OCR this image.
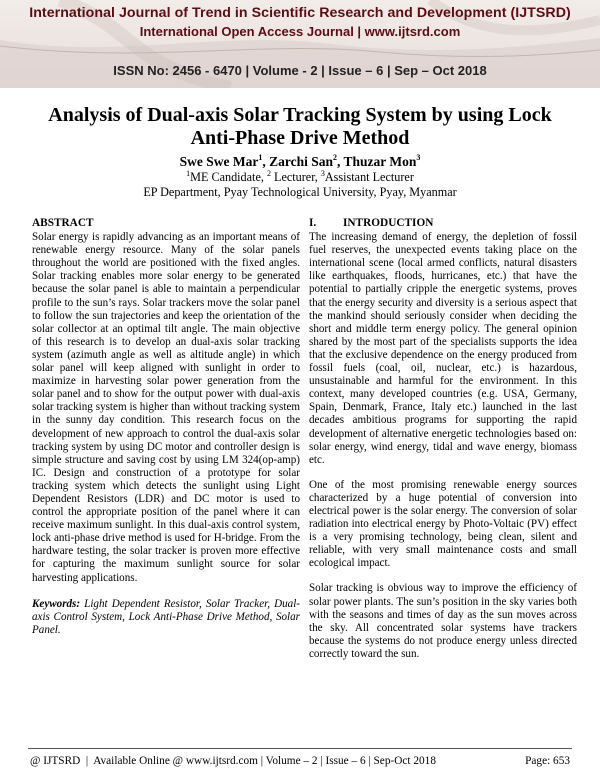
International Journal of Trend in Scientific Research and Development (IJTSRD)
International Open Access Journal | www.ijtsrd.com
ISSN No: 2456 - 6470 | Volume - 2 | Issue – 6 | Sep – Oct 2018
Analysis of Dual-axis Solar Tracking System by using Lock
Anti-Phase Drive Method
Swe Swe Mar$^1$, Zarchi San$^2$, Thuzar Mon$^3$
$^1$ME Candidate, $^2$ Lecturer, $^3$Assistant Lecturer
EP Department, Pyay Technological University, Pyay, Myanmar
ABSTRACT

Solar energy is rapidly advancing as an important means of renewable energy resource. Many of the solar panels throughout the world are positioned with the fixed angles. Solar tracking enables more solar energy to be generated because the solar panel is able to maintain a perpendicular profile to the sun’s rays. Solar trackers move the solar panel to follow the sun trajectories and keep the orientation of the solar collector at an optimal tilt angle. The main objective of this research is to develop an dual-axis solar tracking system (azimuth angle as well as altitude angle) in which solar panel will keep aligned with sunlight in order to maximize in harvesting solar power generation from the solar panel and to show for the output power with dual-axis solar tracking system is higher than without tracking system in the sunny day condition. This research focus on the development of new approach to control the dual-axis solar tracking system by using DC motor and controller design is simple structure and saving cost by using LM 324(op-amp) IC. Design and construction of a prototype for solar tracking system which detects the sunlight using Light Dependent Resistors (LDR) and DC motor is used to control the appropriate position of the panel where it can receive maximum sunlight. In this dual-axis control system, lock anti-phase drive method is used for H-bridge. From the hardware testing, the solar tracker is proven more effective for capturing the maximum sunlight source for solar harvesting applications.

Keywords: Light Dependent Resistor, Solar Tracker, Dual-axis Control System, Lock Anti-Phase Drive Method, Solar Panel.

I.	INTRODUCTION

The increasing demand of energy, the depletion of fossil fuel reserves, the unexpected events taking place on the international scene (local armed conflicts, natural disasters like earthquakes, floods, hurricanes, etc.) that have the potential to partially cripple the energetic systems, proves that the energy security and diversity is a serious aspect that the mankind should seriously consider when deciding the short and middle term energy policy. The general opinion shared by the most part of the specialists supports the idea that the exclusive dependence on the energy produced from fossil fuels (coal, oil, nuclear, etc.) is hazardous, unsustainable and harmful for the environment. In this context, many developed countries (e.g. USA, Germany, Spain, Denmark, France, Italy etc.) launched in the last decades ambitious programs for supporting the rapid development of alternative energetic technologies based on: solar energy, wind energy, tidal and wave energy, biomass etc.

One of the most promising renewable energy sources characterized by a huge potential of conversion into electrical power is the solar energy. The conversion of solar radiation into electrical energy by Photo-Voltaic (PV) effect is a very promising technology, being clean, silent and reliable, with very small maintenance costs and small ecological impact.

Solar tracking is obvious way to improve the efficiency of solar power plants. The sun’s position in the sky varies both with the seasons and times of day as the sun moves across the sky. All concentrated solar systems have trackers because the systems do not produce energy unless directed correctly toward the sun.

@ IJTSRD  |  Available Online @ www.ijtsrd.com | Volume – 2 | Issue – 6 | Sep-Oct 2018	Page: 653
